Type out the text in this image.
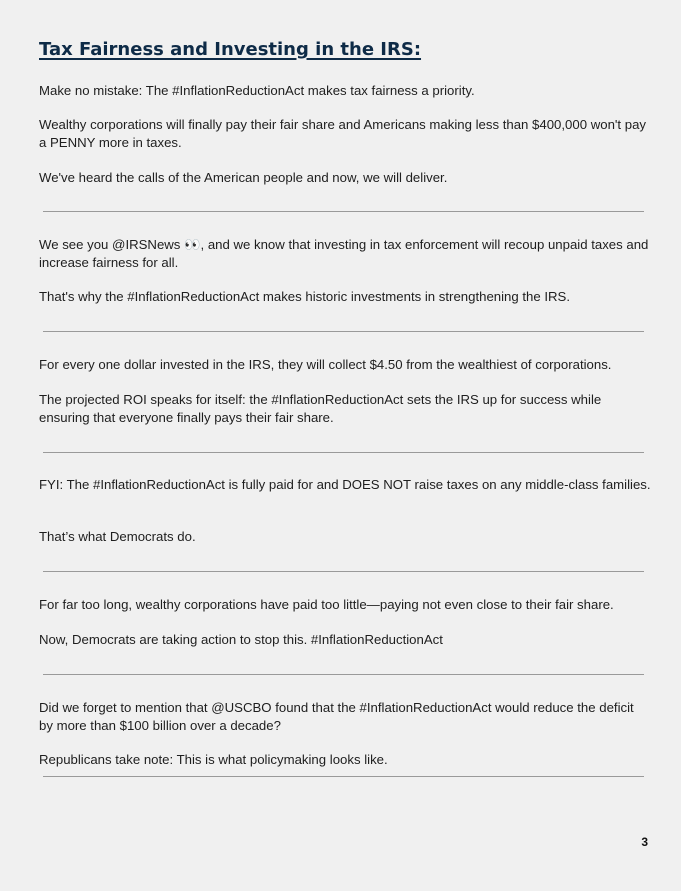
Tax Fairness and Investing in the IRS:

Make no mistake: The #InflationReductionAct makes tax fairness a priority.

Wealthy corporations will finally pay their fair share and Americans making less than $400,000 won't pay a PENNY more in taxes.

We've heard the calls of the American people and now, we will deliver.

We see you @IRSNews 👀, and we know that investing in tax enforcement will recoup unpaid taxes and increase fairness for all.

That's why the #InflationReductionAct makes historic investments in strengthening the IRS.

For every one dollar invested in the IRS, they will collect $4.50 from the wealthiest of corporations.

The projected ROI speaks for itself: the #InflationReductionAct sets the IRS up for success while ensuring that everyone finally pays their fair share.

FYI: The #InflationReductionAct is fully paid for and DOES NOT raise taxes on any middle-class families.

That’s what Democrats do.

For far too long, wealthy corporations have paid too little—paying not even close to their fair share.

Now, Democrats are taking action to stop this. #InflationReductionAct

Did we forget to mention that @USCBO found that the #InflationReductionAct would reduce the deficit by more than $100 billion over a decade?

Republicans take note: This is what policymaking looks like.

3
